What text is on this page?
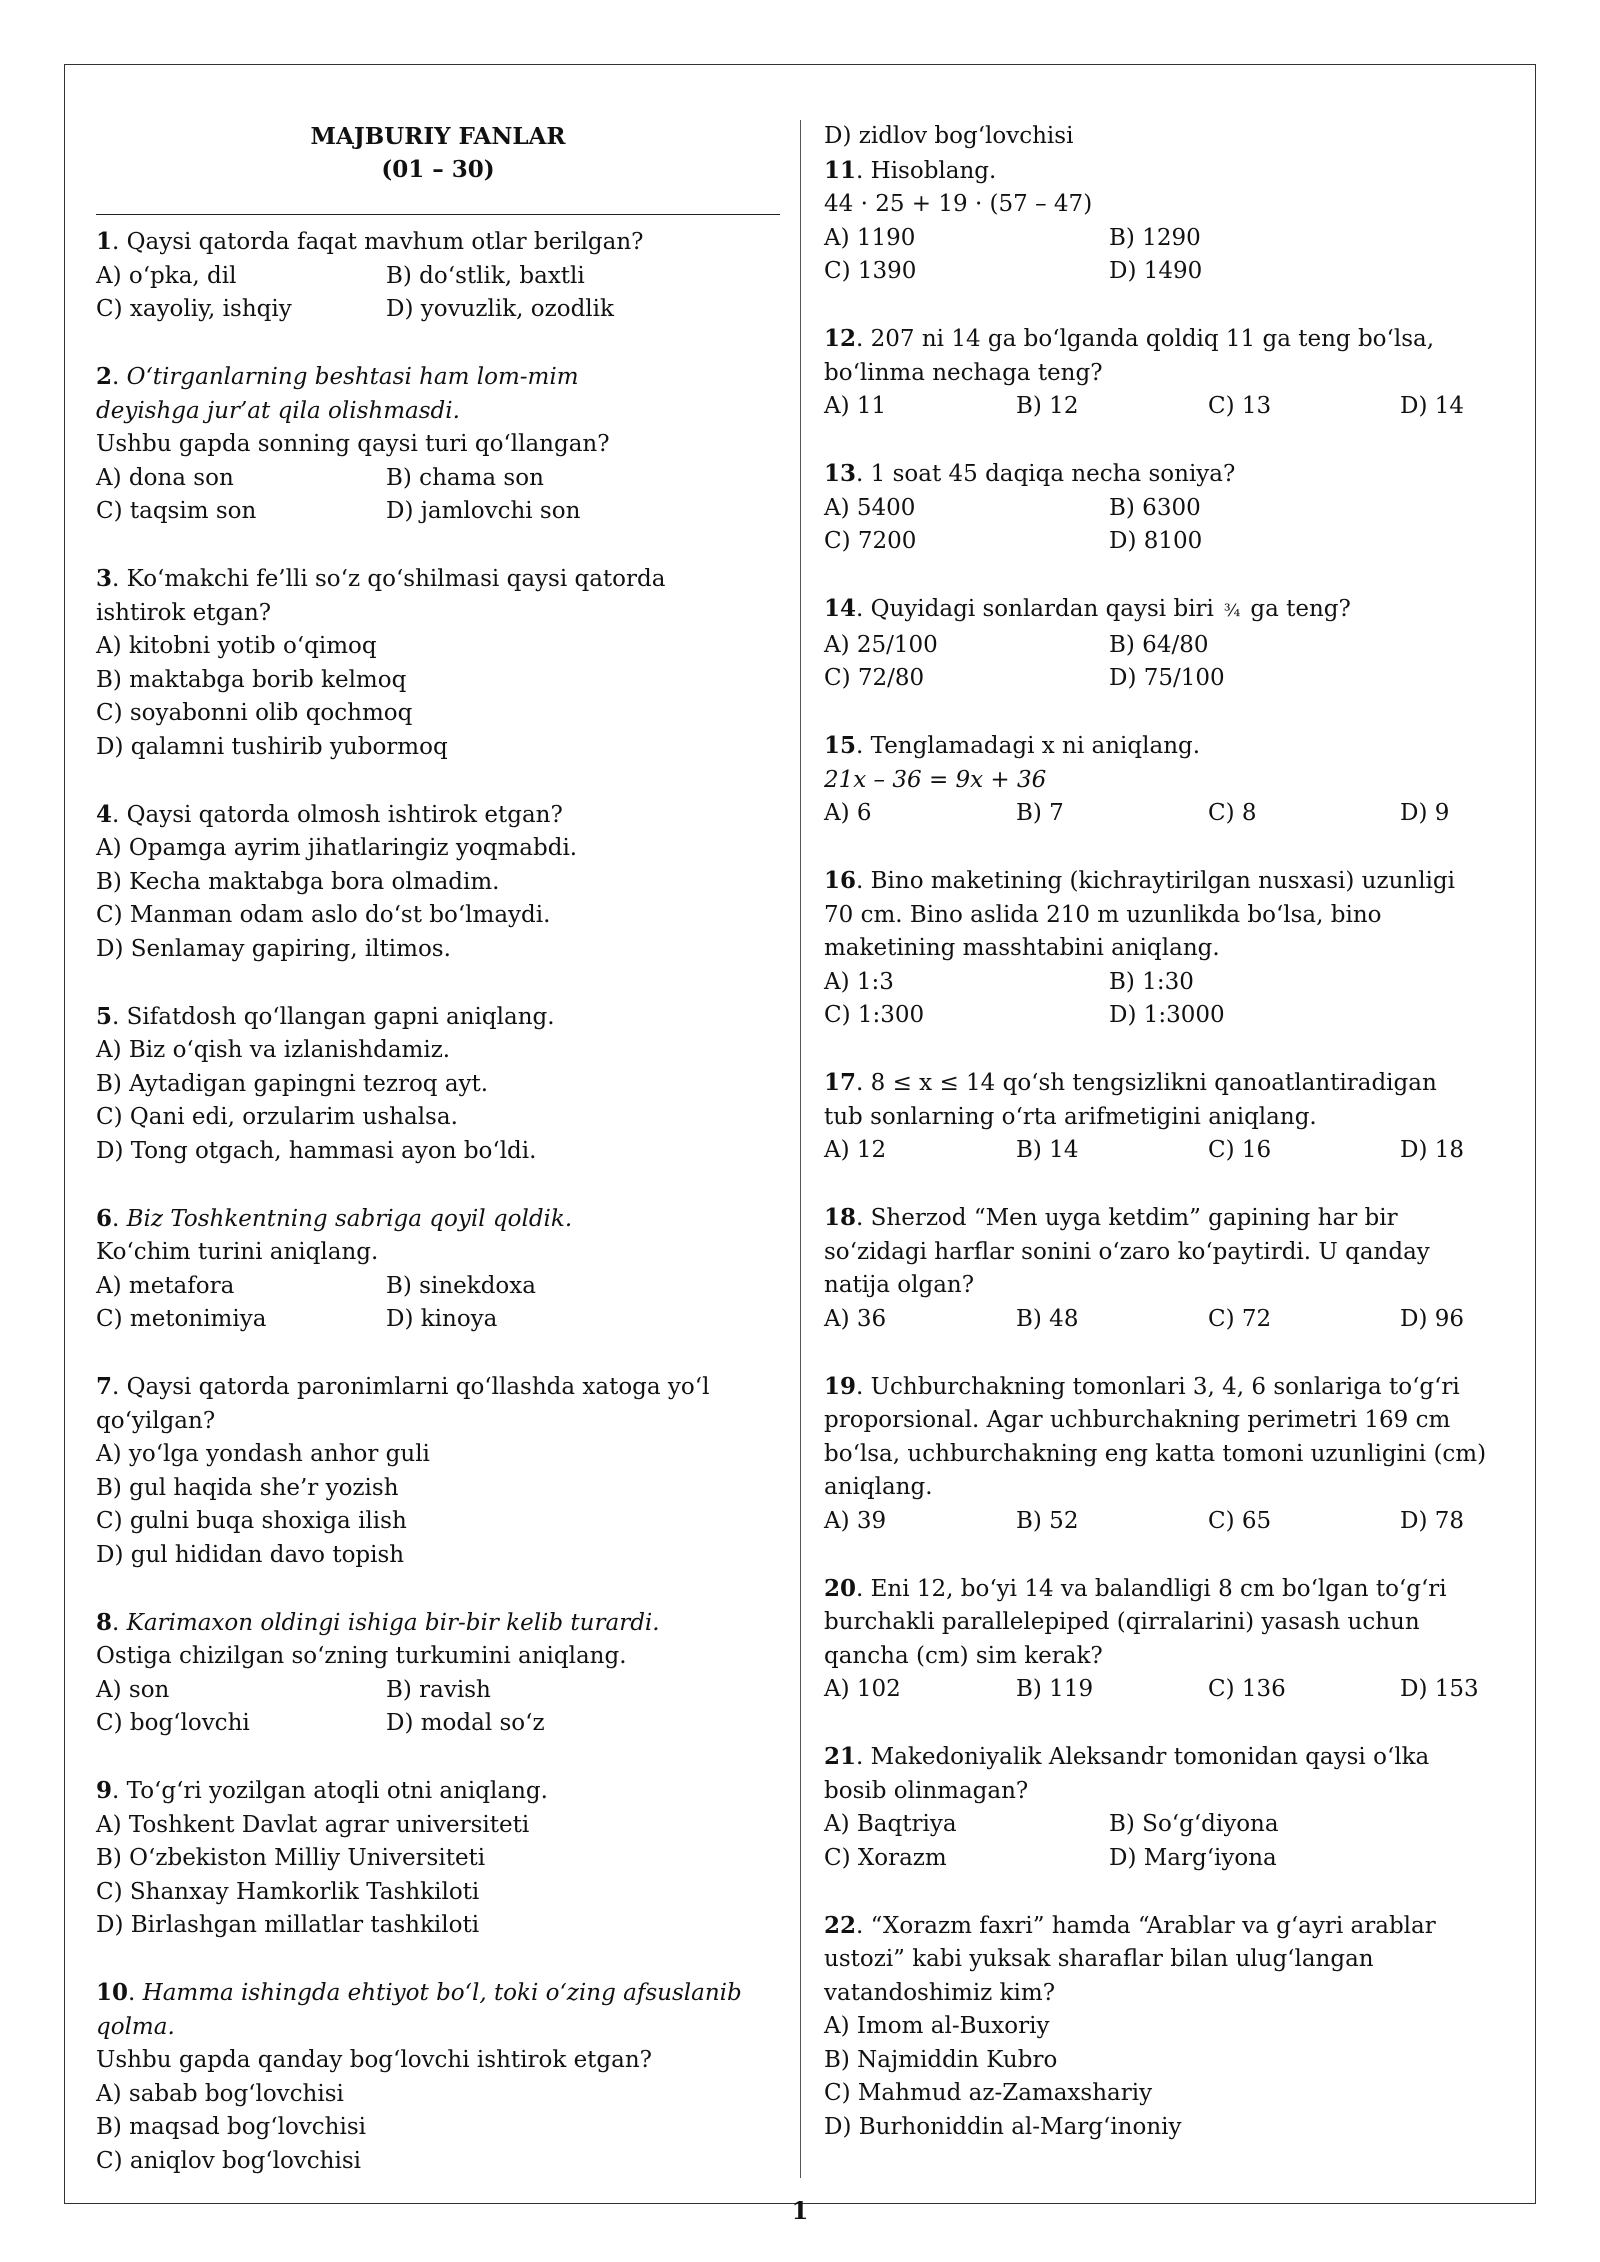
MAJBURIY FANLAR
(01 – 30)
1. Qaysi qatorda faqat mavhum otlar berilgan?
A) o‘pka, dil	B) do‘stlik, baxtli
C) xayoliy, ishqiy	D) yovuzlik, ozodlik
2. O‘tirganlarning beshtasi ham lom-mim
deyishga jur’at qila olishmasdi.
Ushbu gapda sonning qaysi turi qo‘llangan?
A) dona son	B) chama son
C) taqsim son	D) jamlovchi son
3. Ko‘makchi fe’lli so‘z qo‘shilmasi qaysi qatorda
ishtirok etgan?
A) kitobni yotib o‘qimoq
B) maktabga borib kelmoq
C) soyabonni olib qochmoq
D) qalamni tushirib yubormoq
4. Qaysi qatorda olmosh ishtirok etgan?
A) Opamga ayrim jihatlaringiz yoqmabdi.
B) Kecha maktabga bora olmadim.
C) Manman odam aslo do‘st bo‘lmaydi.
D) Senlamay gapiring, iltimos.
5. Sifatdosh qo‘llangan gapni aniqlang.
A) Biz o‘qish va izlanishdamiz.
B) Aytadigan gapingni tezroq ayt.
C) Qani edi, orzularim ushalsa.
D) Tong otgach, hammasi ayon bo‘ldi.
6. Biz Toshkentning sabriga qoyil qoldik.
Ko‘chim turini aniqlang.
A) metafora	B) sinekdoxa
C) metonimiya	D) kinoya
7. Qaysi qatorda paronimlarni qo‘llashda xatoga yo‘l
qo‘yilgan?
A) yo‘lga yondash anhor guli
B) gul haqida she’r yozish
C) gulni buqa shoxiga ilish
D) gul hididan davo topish
8. Karimaxon oldingi ishiga bir-bir kelib turardi.
Ostiga chizilgan so‘zning turkumini aniqlang.
A) son	B) ravish
C) bog‘lovchi	D) modal so‘z
9. To‘g‘ri yozilgan atoqli otni aniqlang.
A) Toshkent Davlat agrar universiteti
B) O‘zbekiston Milliy Universiteti
C) Shanxay Hamkorlik Tashkiloti
D) Birlashgan millatlar tashkiloti
10. Hamma ishingda ehtiyot bo‘l, toki o‘zing afsuslanib qolma.
Ushbu gapda qanday bog‘lovchi ishtirok etgan?
A) sabab bog‘lovchisi
B) maqsad bog‘lovchisi
C) aniqlov bog‘lovchisi
D) zidlov bog‘lovchisi
11. Hisoblang.
44 · 25 + 19 · (57 – 47)
A) 1190	B) 1290
C) 1390	D) 1490
12. 207 ni 14 ga bo‘lganda qoldiq 11 ga teng bo‘lsa,
bo‘linma nechaga teng?
A) 11	B) 12	C) 13	D) 14
13. 1 soat 45 daqiqa necha soniya?
A) 5400	B) 6300
C) 7200	D) 8100
14. Quyidagi sonlardan qaysi biri ¾ ga teng?
A) 25/100	B) 64/80
C) 72/80	D) 75/100
15. Tenglamadagi x ni aniqlang.
21x – 36 = 9x + 36
A) 6	B) 7	C) 8	D) 9
16. Bino maketining (kichraytirilgan nusxasi) uzunligi
70 cm. Bino aslida 210 m uzunlikda bo‘lsa, bino
maketining masshtabini aniqlang.
A) 1:3	B) 1:30
C) 1:300	D) 1:3000
17. 8 ≤ x ≤ 14 qo‘sh tengsizlikni qanoatlantiradigan
tub sonlarning o‘rta arifmetigini aniqlang.
A) 12	B) 14	C) 16	D) 18
18. Sherzod “Men uyga ketdim” gapining har bir
so‘zidagi harflar sonini o‘zaro ko‘paytirdi. U qanday
natija olgan?
A) 36	B) 48	C) 72	D) 96
19. Uchburchakning tomonlari 3, 4, 6 sonlariga to‘g‘ri
proporsional. Agar uchburchakning perimetri 169 cm
bo‘lsa, uchburchakning eng katta tomoni uzunligini (cm)
aniqlang.
A) 39	B) 52	C) 65	D) 78
20. Eni 12, bo‘yi 14 va balandligi 8 cm bo‘lgan to‘g‘ri
burchakli parallelepiped (qirralarini) yasash uchun
qancha (cm) sim kerak?
A) 102	B) 119	C) 136	D) 153
21. Makedoniyalik Aleksandr tomonidan qaysi o‘lka
bosib olinmagan?
A) Baqtriya	B) So‘g‘diyona
C) Xorazm	D) Marg‘iyona
22. “Xorazm faxri” hamda “Arablar va g‘ayri arablar
ustozi” kabi yuksak sharaflar bilan ulug‘langan
vatandoshimiz kim?
A) Imom al-Buxoriy
B) Najmiddin Kubro
C) Mahmud az-Zamaxshariy
D) Burhoniddin al-Marg‘inoniy
1
